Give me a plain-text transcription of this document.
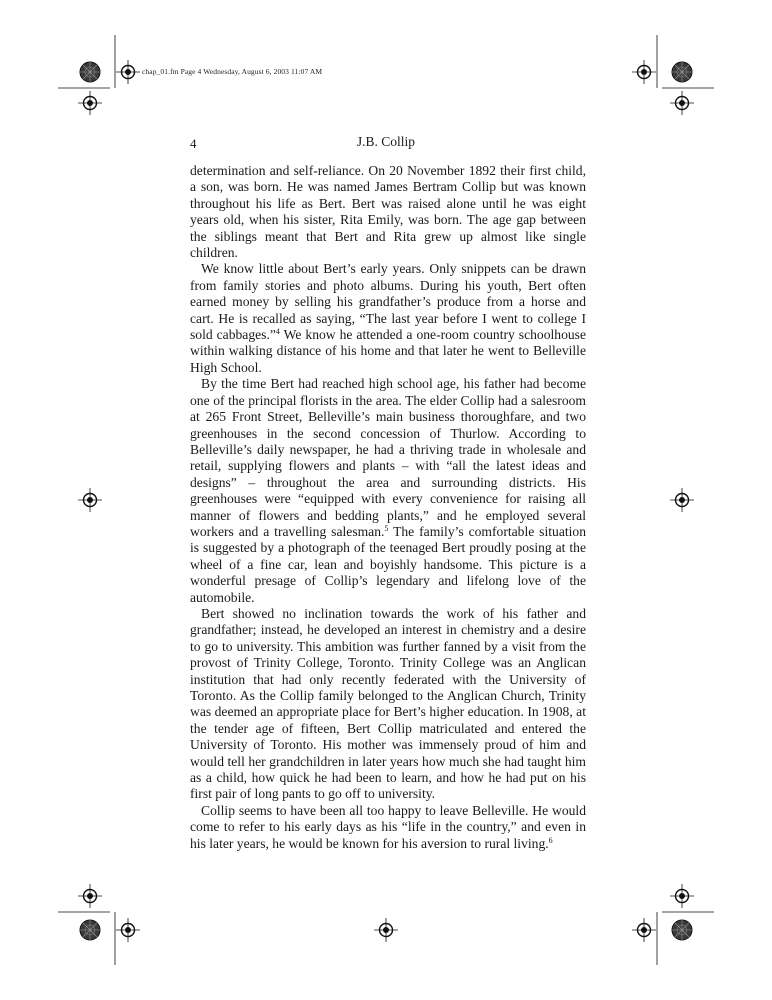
chap_01.fm Page 4 Wednesday, August 6, 2003 11:07 AM
4	J.B. Collip

determination and self-reliance. On 20 November 1892 their first child, a son, was born. He was named James Bertram Collip but was known throughout his life as Bert. Bert was raised alone until he was eight years old, when his sister, Rita Emily, was born. The age gap between the siblings meant that Bert and Rita grew up almost like single children.

We know little about Bert’s early years. Only snippets can be drawn from family stories and photo albums. During his youth, Bert often earned money by selling his grandfather’s produce from a horse and cart. He is recalled as saying, “The last year before I went to college I sold cabbages.”$^4$ We know he attended a one-room country schoolhouse within walking distance of his home and that later he went to Belleville High School.

By the time Bert had reached high school age, his father had become one of the principal florists in the area. The elder Collip had a salesroom at 265 Front Street, Belleville’s main business thoroughfare, and two greenhouses in the second concession of Thurlow. According to Belleville’s daily newspaper, he had a thriving trade in wholesale and retail, supplying flowers and plants – with “all the latest ideas and designs” – throughout the area and surrounding districts. His greenhouses were “equipped with every convenience for raising all manner of flowers and bedding plants,” and he employed several workers and a travelling salesman.$^5$ The family’s comfortable situation is suggested by a photograph of the teenaged Bert proudly posing at the wheel of a fine car, lean and boyishly handsome. This picture is a wonderful presage of Collip’s legendary and lifelong love of the automobile.

Bert showed no inclination towards the work of his father and grandfather; instead, he developed an interest in chemistry and a desire to go to university. This ambition was further fanned by a visit from the provost of Trinity College, Toronto. Trinity College was an Anglican institution that had only recently federated with the University of Toronto. As the Collip family belonged to the Anglican Church, Trinity was deemed an appropriate place for Bert’s higher education. In 1908, at the tender age of fifteen, Bert Collip matriculated and entered the University of Toronto. His mother was immensely proud of him and would tell her grandchildren in later years how much she had taught him as a child, how quick he had been to learn, and how he had put on his first pair of long pants to go off to university.

Collip seems to have been all too happy to leave Belleville. He would come to refer to his early days as his “life in the country,” and even in his later years, he would be known for his aversion to rural living.$^6$
